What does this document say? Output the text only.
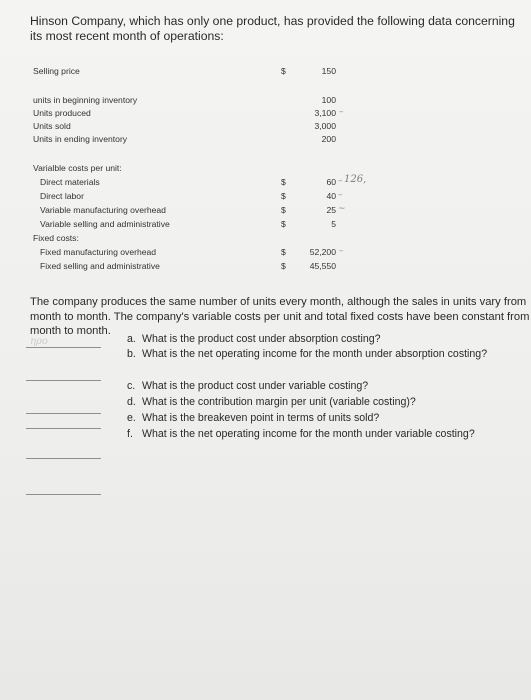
Hinson Company, which has only one product, has provided the following data concerning its most recent month of operations:
Selling price	$	150
units in beginning inventory	100
Units produced	3,100 –
Units sold	3,000
Units in ending inventory	200
Varialble costs per unit:
Direct materials	$	60 –
Direct labor	$	40 –
Variable manufacturing overhead	$	25 ~
Variable selling and administrative	$	5
Fixed costs:
Fixed manufacturing overhead	$	52,200 –
Fixed selling and administrative	$	45,550
126,
The company produces the same number of units every month, although the sales in units vary from month to month. The company's variable costs per unit and total fixed costs have been constant from month to month.
ηρο	a. What is the product cost under absorption costing?
b. What is the net operating income for the month under absorption costing?
c. What is the product cost under variable costing?
d. What is the contribution margin per unit (variable costing)?
e. What is the breakeven point in terms of units sold?
f. What is the net operating income for the month under variable costing?
